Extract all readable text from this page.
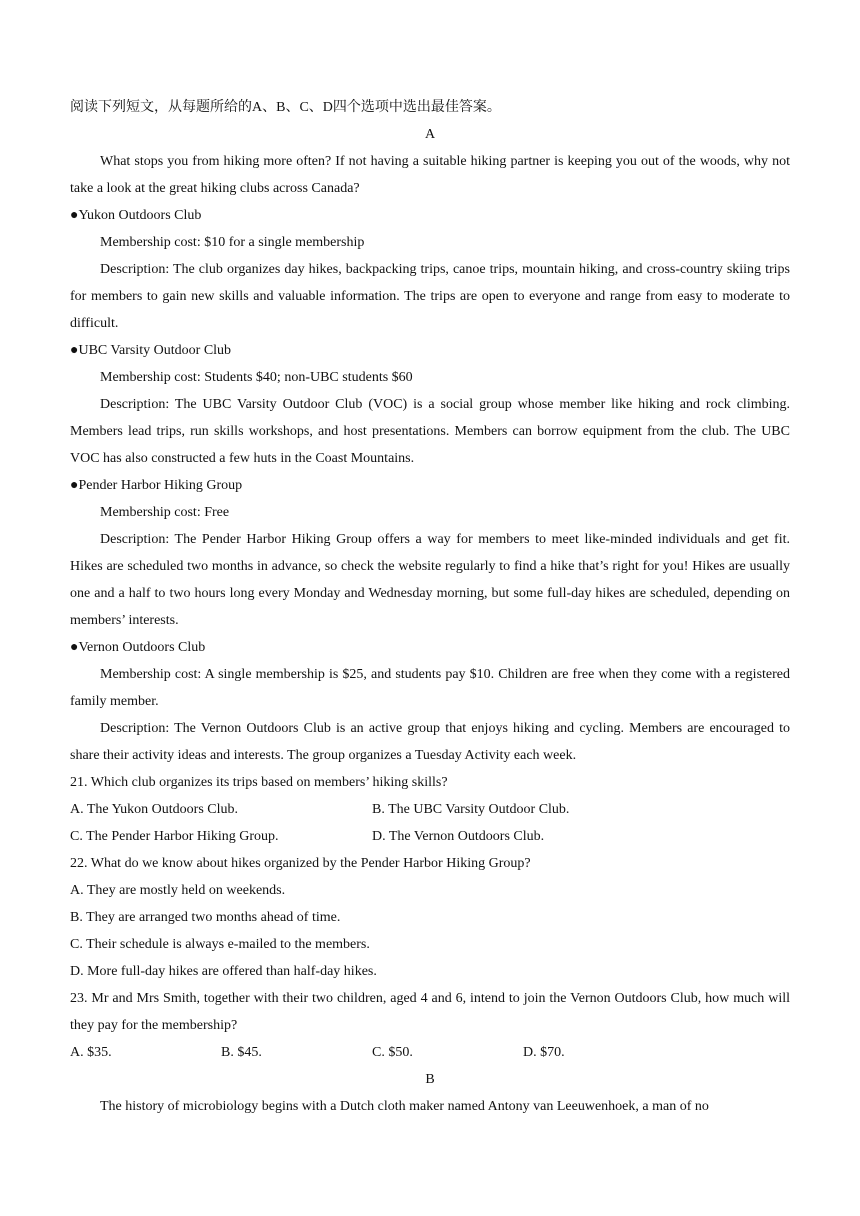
阅读下列短文，从每题所给的A、B、C、D四个选项中选出最佳答案。

A

What stops you from hiking more often? If not having a suitable hiking partner is keeping you out of the woods, why not take a look at the great hiking clubs across Canada?

● Yukon Outdoors Club

Membership cost: $10 for a single membership

Description: The club organizes day hikes, backpacking trips, canoe trips, mountain hiking, and cross-country skiing trips for members to gain new skills and valuable information. The trips are open to everyone and range from easy to moderate to difficult.

● UBC Varsity Outdoor Club

Membership cost: Students $40; non-UBC students $60

Description: The UBC Varsity Outdoor Club (VOC) is a social group whose member like hiking and rock climbing. Members lead trips, run skills workshops, and host presentations. Members can borrow equipment from the club. The UBC VOC has also constructed a few huts in the Coast Mountains.

● Pender Harbor Hiking Group

Membership cost: Free

Description: The Pender Harbor Hiking Group offers a way for members to meet like-minded individuals and get fit. Hikes are scheduled two months in advance, so check the website regularly to find a hike that’s right for you! Hikes are usually one and a half to two hours long every Monday and Wednesday morning, but some full-day hikes are scheduled, depending on members’ interests.

● Vernon Outdoors Club

Membership cost: A single membership is $25, and students pay $10. Children are free when they come with a registered family member.

Description: The Vernon Outdoors Club is an active group that enjoys hiking and cycling. Members are encouraged to share their activity ideas and interests. The group organizes a Tuesday Activity each week.

21. Which club organizes its trips based on members’ hiking skills?

A. The Yukon Outdoors Club.	B. The UBC Varsity Outdoor Club.
C. The Pender Harbor Hiking Group.	D. The Vernon Outdoors Club.

22. What do we know about hikes organized by the Pender Harbor Hiking Group?

A. They are mostly held on weekends.

B. They are arranged two months ahead of time.

C. Their schedule is always e-mailed to the members.

D. More full-day hikes are offered than half-day hikes.

23. Mr and Mrs Smith, together with their two children, aged 4 and 6, intend to join the Vernon Outdoors Club, how much will they pay for the membership?

A. $35.	B. $45.	C. $50.	D. $70.

B

The history of microbiology begins with a Dutch cloth maker named Antony van Leeuwenhoek, a man of no
